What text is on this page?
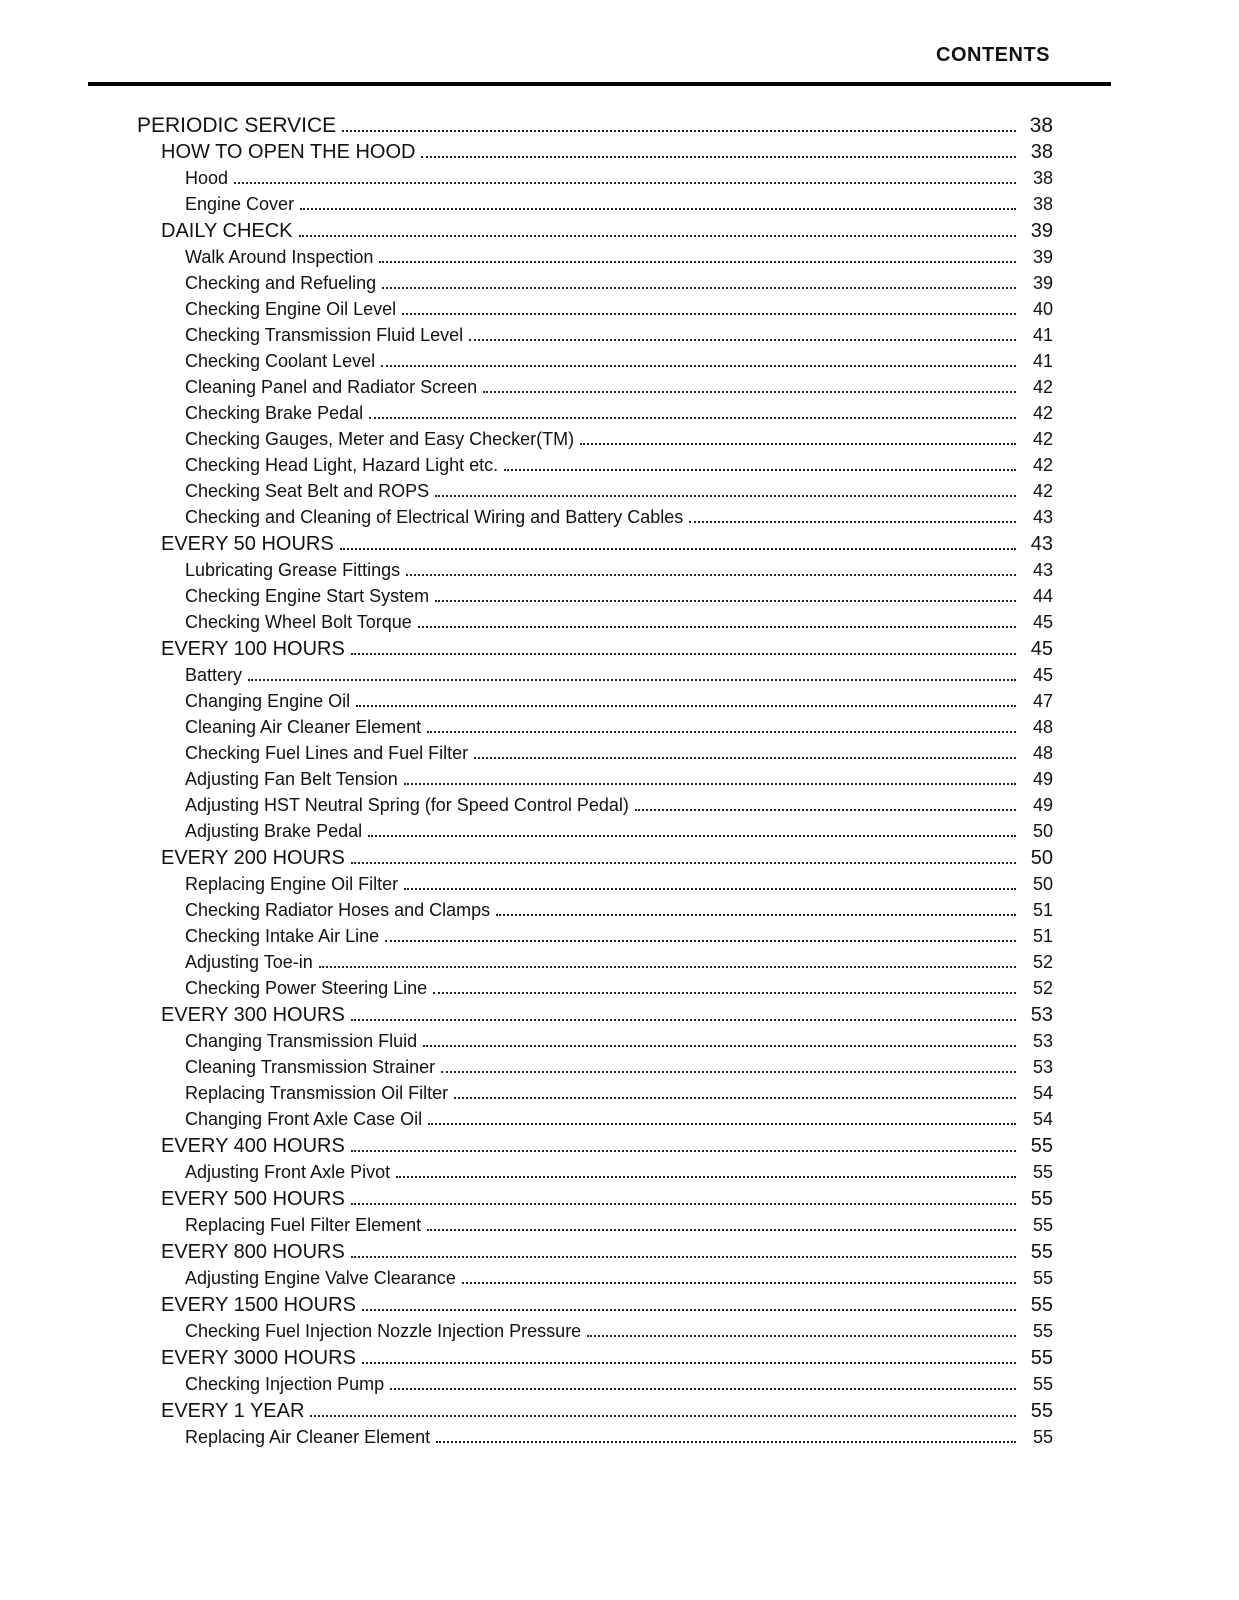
CONTENTS
PERIODIC SERVICE	38
HOW TO OPEN THE HOOD	38
Hood	38
Engine Cover	38
DAILY CHECK	39
Walk Around Inspection	39
Checking and Refueling	39
Checking Engine Oil Level	40
Checking Transmission Fluid Level	41
Checking Coolant Level	41
Cleaning Panel and Radiator Screen	42
Checking Brake Pedal	42
Checking Gauges, Meter and Easy Checker(TM)	42
Checking Head Light, Hazard Light etc.	42
Checking Seat Belt and ROPS	42
Checking and Cleaning of Electrical Wiring and Battery Cables	43
EVERY 50 HOURS	43
Lubricating Grease Fittings	43
Checking Engine Start System	44
Checking Wheel Bolt Torque	45
EVERY 100 HOURS	45
Battery	45
Changing Engine Oil	47
Cleaning Air Cleaner Element	48
Checking Fuel Lines and Fuel Filter	48
Adjusting Fan Belt Tension	49
Adjusting HST Neutral Spring (for Speed Control Pedal)	49
Adjusting Brake Pedal	50
EVERY 200 HOURS	50
Replacing Engine Oil Filter	50
Checking Radiator Hoses and Clamps	51
Checking Intake Air Line	51
Adjusting Toe-in	52
Checking Power Steering Line	52
EVERY 300 HOURS	53
Changing Transmission Fluid	53
Cleaning Transmission Strainer	53
Replacing Transmission Oil Filter	54
Changing Front Axle Case Oil	54
EVERY 400 HOURS	55
Adjusting Front Axle Pivot	55
EVERY 500 HOURS	55
Replacing Fuel Filter Element	55
EVERY 800 HOURS	55
Adjusting Engine Valve Clearance	55
EVERY 1500 HOURS	55
Checking Fuel Injection Nozzle Injection Pressure	55
EVERY 3000 HOURS	55
Checking Injection Pump	55
EVERY 1 YEAR	55
Replacing Air Cleaner Element	55
